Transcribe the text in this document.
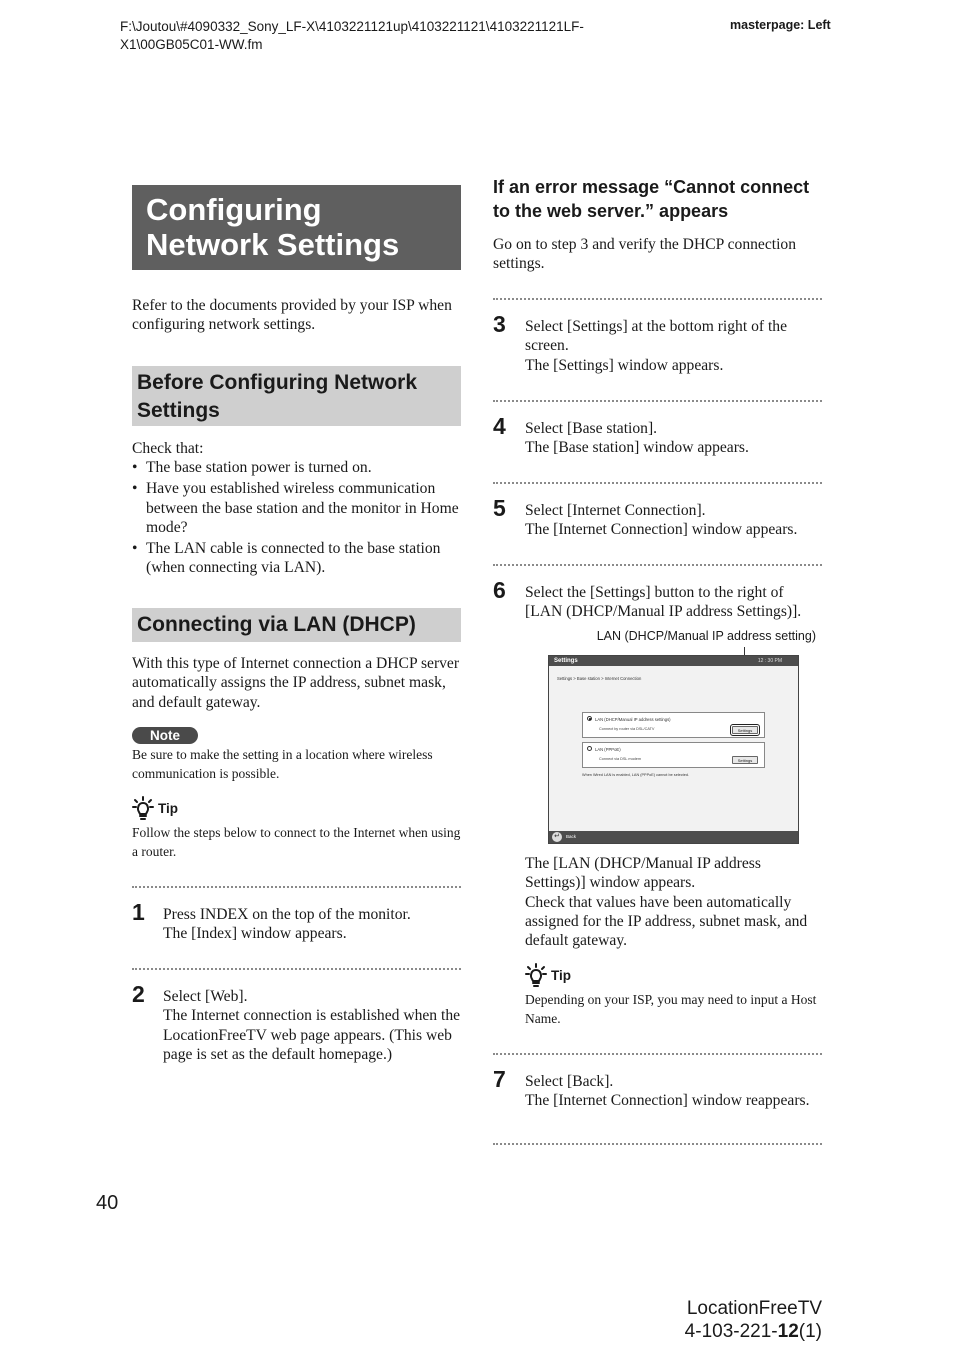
F:\Joutou\#4090332_Sony_LF-X\4103221121up\4103221121\4103221121LF-
X1\00GB05C01-WW.fm
masterpage: Left
Configuring
Network Settings
Refer to the documents provided by your ISP when configuring network settings.
Before Configuring Network Settings
Check that:
• The base station power is turned on.
• Have you established wireless communication between the base station and the monitor in Home mode?
• The LAN cable is connected to the base station (when connecting via LAN).
Connecting via LAN (DHCP)
With this type of Internet connection a DHCP server automatically assigns the IP address, subnet mask, and default gateway.
Note
Be sure to make the setting in a location where wireless communication is possible.
Tip
Follow the steps below to connect to the Internet when using a router.
1 Press INDEX on the top of the monitor.
The [Index] window appears.
2 Select [Web].
The Internet connection is established when the LocationFreeTV web page appears. (This web page is set as the default homepage.)
If an error message “Cannot connect to the web server.” appears
Go on to step 3 and verify the DHCP connection settings.
3 Select [Settings] at the bottom right of the screen.
The [Settings] window appears.
4 Select [Base station].
The [Base station] window appears.
5 Select [Internet Connection].
The [Internet Connection] window appears.
6 Select the [Settings] button to the right of [LAN (DHCP/Manual IP address Settings)].
LAN (DHCP/Manual IP address setting)
Settings	12 : 30 PM
Settings > Base station > Internet Connection
LAN (DHCP/Manual IP address settings)
Connect by router via DSL/CATV	Settings
LAN (PPPoE)
Connect via DSL modem	Settings
When Wired LAN is enabled, LAN (PPPoE) cannot be selected.
↵	Back
The [LAN (DHCP/Manual IP address Settings)] window appears.
Check that values have been automatically assigned for the IP address, subnet mask, and default gateway.
Tip
Depending on your ISP, you may need to input a Host Name.
7 Select [Back].
The [Internet Connection] window reappears.
40
LocationFreeTV
4-103-221-12(1)
